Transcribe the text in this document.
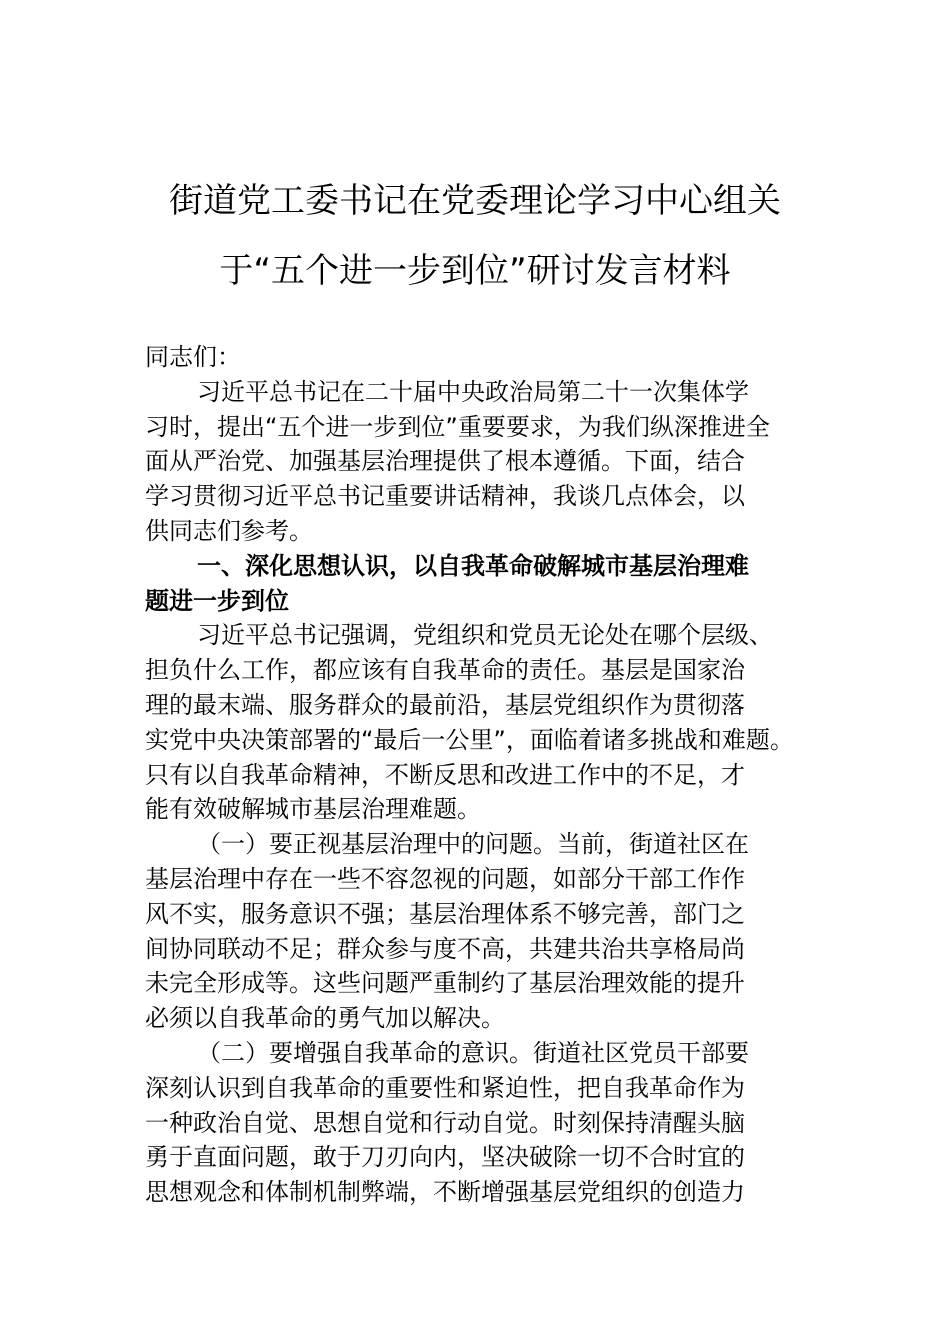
街道党工委书记在党委理论学习中心组关
于“五个进一步到位”研讨发言材料
同志们：
习近平总书记在二十届中央政治局第二十一次集体学
习时，提出“五个进一步到位”重要要求，为我们纵深推进全
面从严治党、加强基层治理提供了根本遵循。下面，结合
学习贯彻习近平总书记重要讲话精神，我谈几点体会，以
供同志们参考。
一、深化思想认识，以自我革命破解城市基层治理难
题进一步到位
习近平总书记强调，党组织和党员无论处在哪个层级、
担负什么工作，都应该有自我革命的责任。基层是国家治
理的最末端、服务群众的最前沿，基层党组织作为贯彻落
实党中央决策部署的“最后一公里”，面临着诸多挑战和难题。
只有以自我革命精神，不断反思和改进工作中的不足，才
能有效破解城市基层治理难题。
（一）要正视基层治理中的问题。当前，街道社区在
基层治理中存在一些不容忽视的问题，如部分干部工作作
风不实，服务意识不强；基层治理体系不够完善，部门之
间协同联动不足；群众参与度不高，共建共治共享格局尚
未完全形成等。这些问题严重制约了基层治理效能的提升
必须以自我革命的勇气加以解决。
（二）要增强自我革命的意识。街道社区党员干部要
深刻认识到自我革命的重要性和紧迫性，把自我革命作为
一种政治自觉、思想自觉和行动自觉。时刻保持清醒头脑
勇于直面问题，敢于刀刃向内，坚决破除一切不合时宜的
思想观念和体制机制弊端，不断增强基层党组织的创造力
